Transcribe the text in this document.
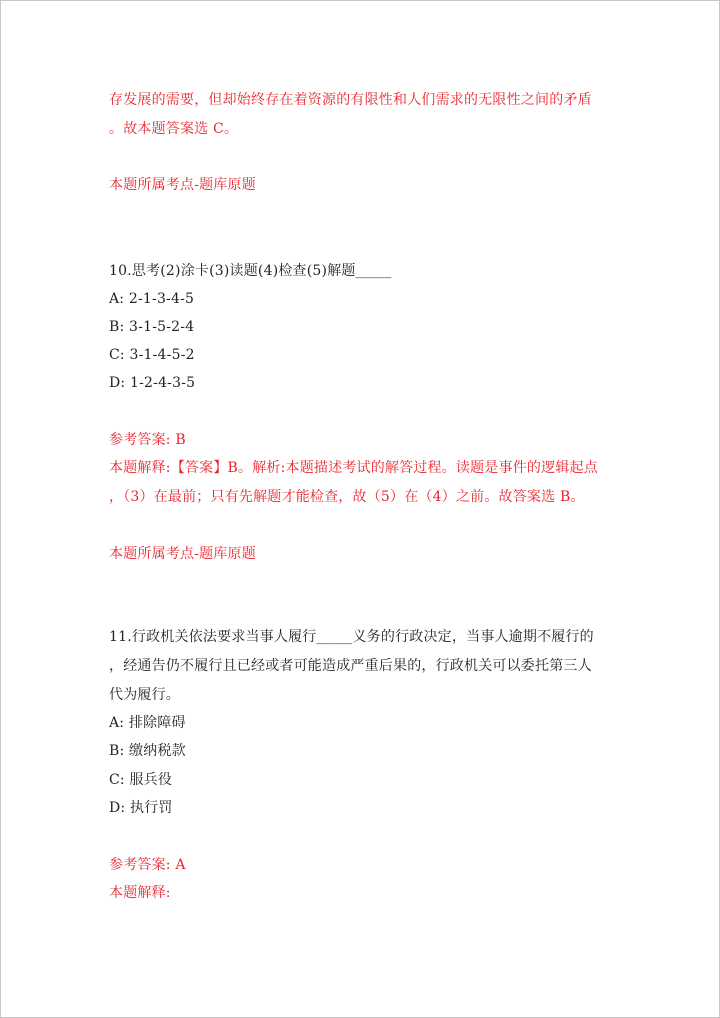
存发展的需要，但却始终存在着资源的有限性和人们需求的无限性之间的矛盾
。故本题答案选 C。
本题所属考点-题库原题
10.思考(2)涂卡(3)读题(4)检查(5)解题_____
A: 2-1-3-4-5
B: 3-1-5-2-4
C: 3-1-4-5-2
D: 1-2-4-3-5
参考答案: B
本题解释:【答案】B。解析:本题描述考试的解答过程。读题是事件的逻辑起点
，（3）在最前；只有先解题才能检查，故（5）在（4）之前。故答案选 B。
本题所属考点-题库原题
11.行政机关依法要求当事人履行_____义务的行政决定，当事人逾期不履行的
，经通告仍不履行且已经或者可能造成严重后果的，行政机关可以委托第三人
代为履行。
A: 排除障碍
B: 缴纳税款
C: 服兵役
D: 执行罚
参考答案: A
本题解释:
